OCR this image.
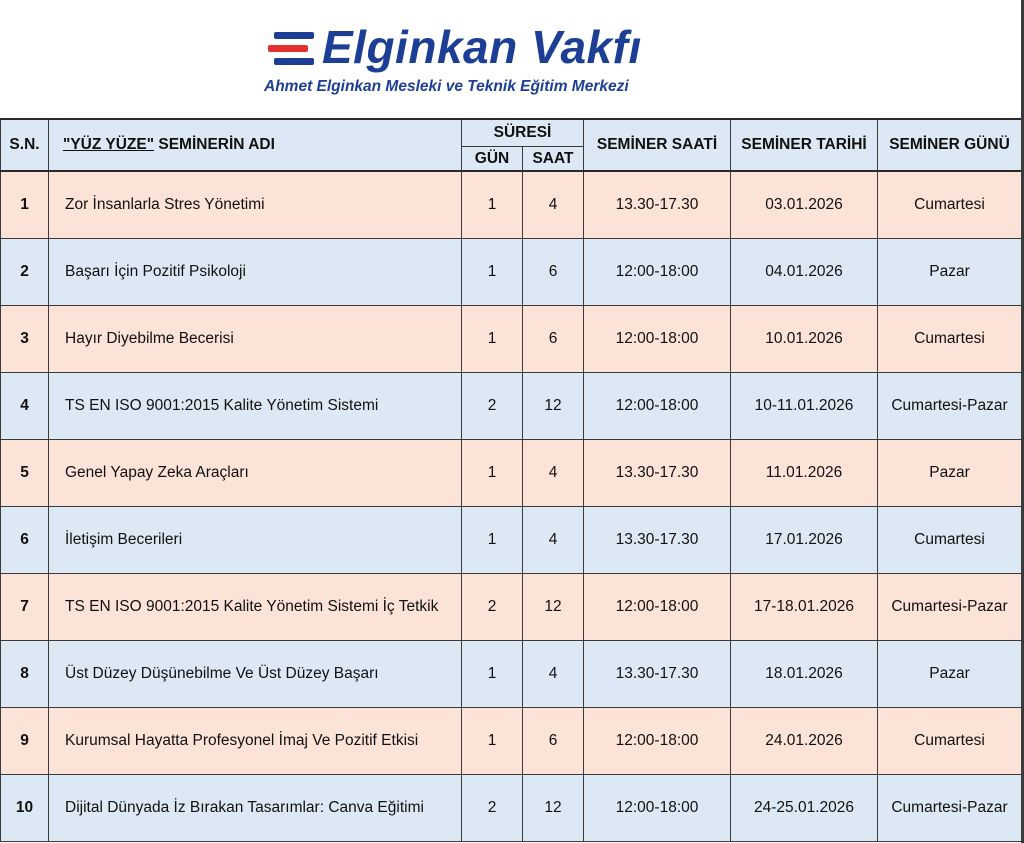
Elginkan Vakfı
Ahmet Elginkan Mesleki ve Teknik Eğitim Merkezi
S.N.	"YÜZ YÜZE" SEMİNERİN ADI	SÜRESİ		SEMİNER SAATİ	SEMİNER TARİHİ	SEMİNER GÜNÜ
		GÜN	SAAT			
1	Zor İnsanlarla Stres Yönetimi	1	4	13.30-17.30	03.01.2026	Cumartesi
2	Başarı İçin Pozitif Psikoloji	1	6	12:00-18:00	04.01.2026	Pazar
3	Hayır Diyebilme Becerisi	1	6	12:00-18:00	10.01.2026	Cumartesi
4	TS EN ISO 9001:2015 Kalite Yönetim Sistemi	2	12	12:00-18:00	10-11.01.2026	Cumartesi-Pazar
5	Genel Yapay Zeka Araçları	1	4	13.30-17.30	11.01.2026	Pazar
6	İletişim Becerileri	1	4	13.30-17.30	17.01.2026	Cumartesi
7	TS EN ISO 9001:2015 Kalite Yönetim Sistemi İç Tetkik	2	12	12:00-18:00	17-18.01.2026	Cumartesi-Pazar
8	Üst Düzey Düşünebilme Ve Üst Düzey Başarı	1	4	13.30-17.30	18.01.2026	Pazar
9	Kurumsal Hayatta Profesyonel İmaj Ve Pozitif Etkisi	1	6	12:00-18:00	24.01.2026	Cumartesi
10	Dijital Dünyada İz Bırakan Tasarımlar: Canva Eğitimi	2	12	12:00-18:00	24-25.01.2026	Cumartesi-Pazar
